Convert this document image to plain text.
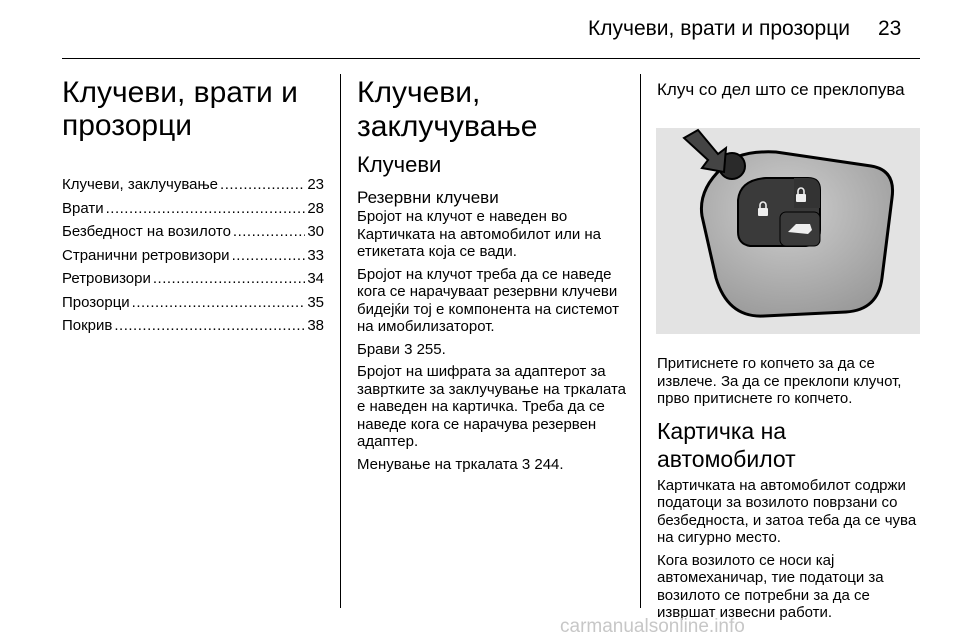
Клучеви, врати и прозорци 23
Клучеви, врати и прозорци
Клучеви, заклучување .....	23
Врати .....	28
Безбедност на возилото .....	30
Странични ретровизори .....	33
Ретровизори .....	34
Прозорци .....	35
Покрив .....	38
Клучеви, заклучување
Клучеви
Резервни клучеви

Бројот на клучот е наведен во Картичката на автомобилот или на етикетата која се вади.

Бројот на клучот треба да се наведе кога се нарачуваат резервни клучеви бидејќи тој е компонента на системот на имобилизаторот.

Брави 3 255.

Бројот на шифрата за адаптерот за завртките за заклучување на тркалата е наведен на картичка. Треба да се наведе кога се нарачува резервен адаптер.

Менување на тркалата 3 244.

Клуч со дел што се преклопува

Притиснете го копчето за да се извлече. За да се преклопи клучот, прво притиснете го копчето.

Картичка на автомобилот

Картичката на автомобилот содржи податоци за возилото поврзани со безбедноста, и затоа теба да се чува на сигурно место.

Кога возилото се носи кај автомеханичар, тие податоци за возилото се потребни за да се извршат извесни работи.

carmanualsonline.info
